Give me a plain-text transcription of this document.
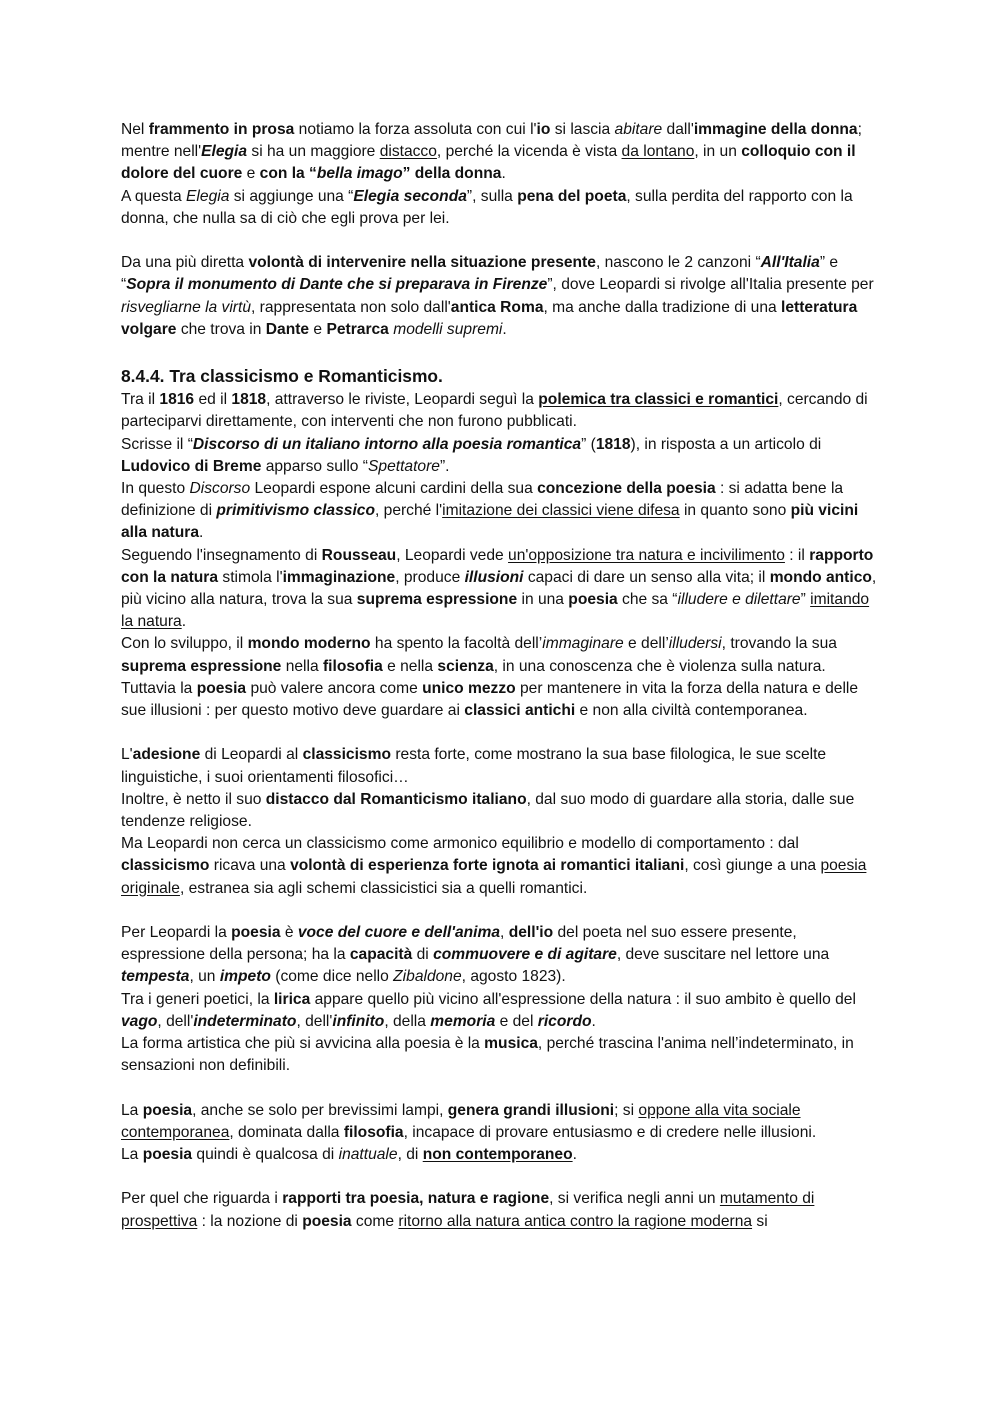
Nel frammento in prosa notiamo la forza assoluta con cui l'io si lascia abitare dall'immagine della donna; mentre nell'Elegia si ha un maggiore distacco, perché la vicenda è vista da lontano, in un colloquio con il dolore del cuore e con la “bella imago” della donna.

A questa Elegia si aggiunge una “Elegia seconda”, sulla pena del poeta, sulla perdita del rapporto con la donna, che nulla sa di ciò che egli prova per lei.

Da una più diretta volontà di intervenire nella situazione presente, nascono le 2 canzoni “All'Italia” e “Sopra il monumento di Dante che si preparava in Firenze”, dove Leopardi si rivolge all'Italia presente per risvegliarne la virtù, rappresentata non solo dall'antica Roma, ma anche dalla tradizione di una letteratura volgare che trova in Dante e Petrarca modelli supremi.

8.4.4. Tra classicismo e Romanticismo.

Tra il 1816 ed il 1818, attraverso le riviste, Leopardi seguì la polemica tra classici e romantici, cercando di parteciparvi direttamente, con interventi che non furono pubblicati.

Scrisse il “Discorso di un italiano intorno alla poesia romantica” (1818), in risposta a un articolo di Ludovico di Breme apparso sullo “Spettatore”.

In questo Discorso Leopardi espone alcuni cardini della sua concezione della poesia : si adatta bene la definizione di primitivismo classico, perché l'imitazione dei classici viene difesa in quanto sono più vicini alla natura.

Seguendo l'insegnamento di Rousseau, Leopardi vede un'opposizione tra natura e incivilimento : il rapporto con la natura stimola l'immaginazione, produce illusioni capaci di dare un senso alla vita; il mondo antico, più vicino alla natura, trova la sua suprema espressione in una poesia che sa “illudere e dilettare” imitando la natura.

Con lo sviluppo, il mondo moderno ha spento la facoltà dell’immaginare e dell’illudersi, trovando la sua suprema espressione nella filosofia e nella scienza, in una conoscenza che è violenza sulla natura.

Tuttavia la poesia può valere ancora come unico mezzo per mantenere in vita la forza della natura e delle sue illusioni : per questo motivo deve guardare ai classici antichi e non alla civiltà contemporanea.

L'adesione di Leopardi al classicismo resta forte, come mostrano la sua base filologica, le sue scelte linguistiche, i suoi orientamenti filosofici…

Inoltre, è netto il suo distacco dal Romanticismo italiano, dal suo modo di guardare alla storia, dalle sue tendenze religiose.

Ma Leopardi non cerca un classicismo come armonico equilibrio e modello di comportamento : dal classicismo ricava una volontà di esperienza forte ignota ai romantici italiani, così giunge a una poesia originale, estranea sia agli schemi classicistici sia a quelli romantici.

Per Leopardi la poesia è voce del cuore e dell'anima, dell'io del poeta nel suo essere presente, espressione della persona; ha la capacità di commuovere e di agitare, deve suscitare nel lettore una tempesta, un impeto (come dice nello Zibaldone, agosto 1823).

Tra i generi poetici, la lirica appare quello più vicino all'espressione della natura : il suo ambito è quello del vago, dell'indeterminato, dell'infinito, della memoria e del ricordo.

La forma artistica che più si avvicina alla poesia è la musica, perché trascina l'anima nell’indeterminato, in sensazioni non definibili.

La poesia, anche se solo per brevissimi lampi, genera grandi illusioni; si oppone alla vita sociale contemporanea, dominata dalla filosofia, incapace di provare entusiasmo e di credere nelle illusioni.

La poesia quindi è qualcosa di inattuale, di non contemporaneo.

Per quel che riguarda i rapporti tra poesia, natura e ragione, si verifica negli anni un mutamento di prospettiva : la nozione di poesia come ritorno alla natura antica contro la ragione moderna si
